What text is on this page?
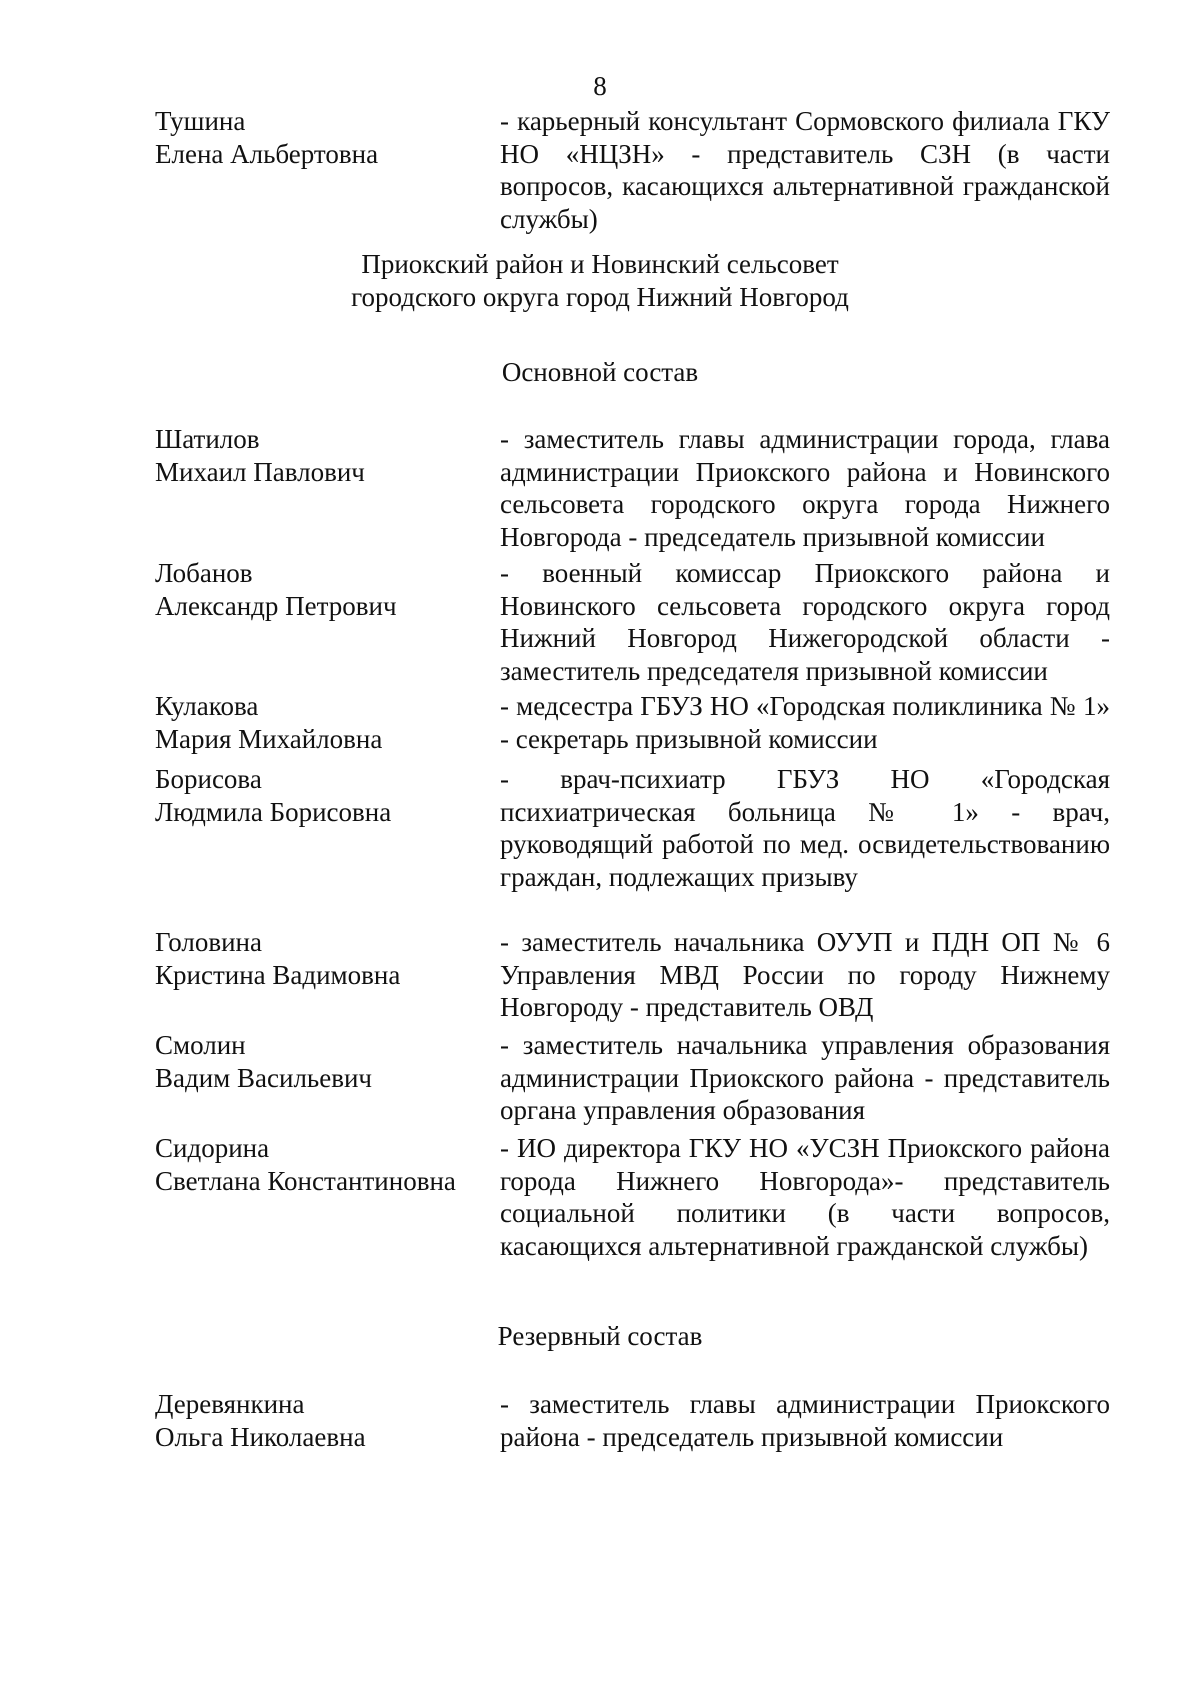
8
Тушина
Елена Альбертовна
- карьерный консультант Сормовского филиала ГКУ НО «НЦЗН» - представитель СЗН (в части вопросов, касающихся альтернативной гражданской службы)
Приокский район и Новинский сельсовет
городского округа город Нижний Новгород
Основной состав
Шатилов
Михаил Павлович
- заместитель главы администрации города, глава администрации Приокского района и Новинского сельсовета городского округа города Нижнего Новгорода - председатель призывной комиссии
Лобанов
Александр Петрович
- военный комиссар Приокского района и Новинского сельсовета городского округа город Нижний Новгород Нижегородской области - заместитель председателя призывной комиссии
Кулакова
Мария Михайловна
- медсестра ГБУЗ НО «Городская поликлиника № 1» - секретарь призывной комиссии
Борисова
Людмила Борисовна
- врач-психиатр ГБУЗ НО «Городская психиатрическая больница № 1» - врач, руководящий работой по мед. освидетельствованию граждан, подлежащих призыву
Головина
Кристина Вадимовна
- заместитель начальника ОУУП и ПДН ОП № 6 Управления МВД России по городу Нижнему Новгороду - представитель ОВД
Смолин
Вадим Васильевич
- заместитель начальника управления образования администрации Приокского района - представитель органа управления образования
Сидорина
Светлана Константиновна
- ИО директора ГКУ НО «УСЗН Приокского района города Нижнего Новгорода»- представитель социальной политики (в части вопросов, касающихся альтернативной гражданской службы)
Резервный состав
Деревянкина
Ольга Николаевна
- заместитель главы администрации Приокского района - председатель призывной комиссии
